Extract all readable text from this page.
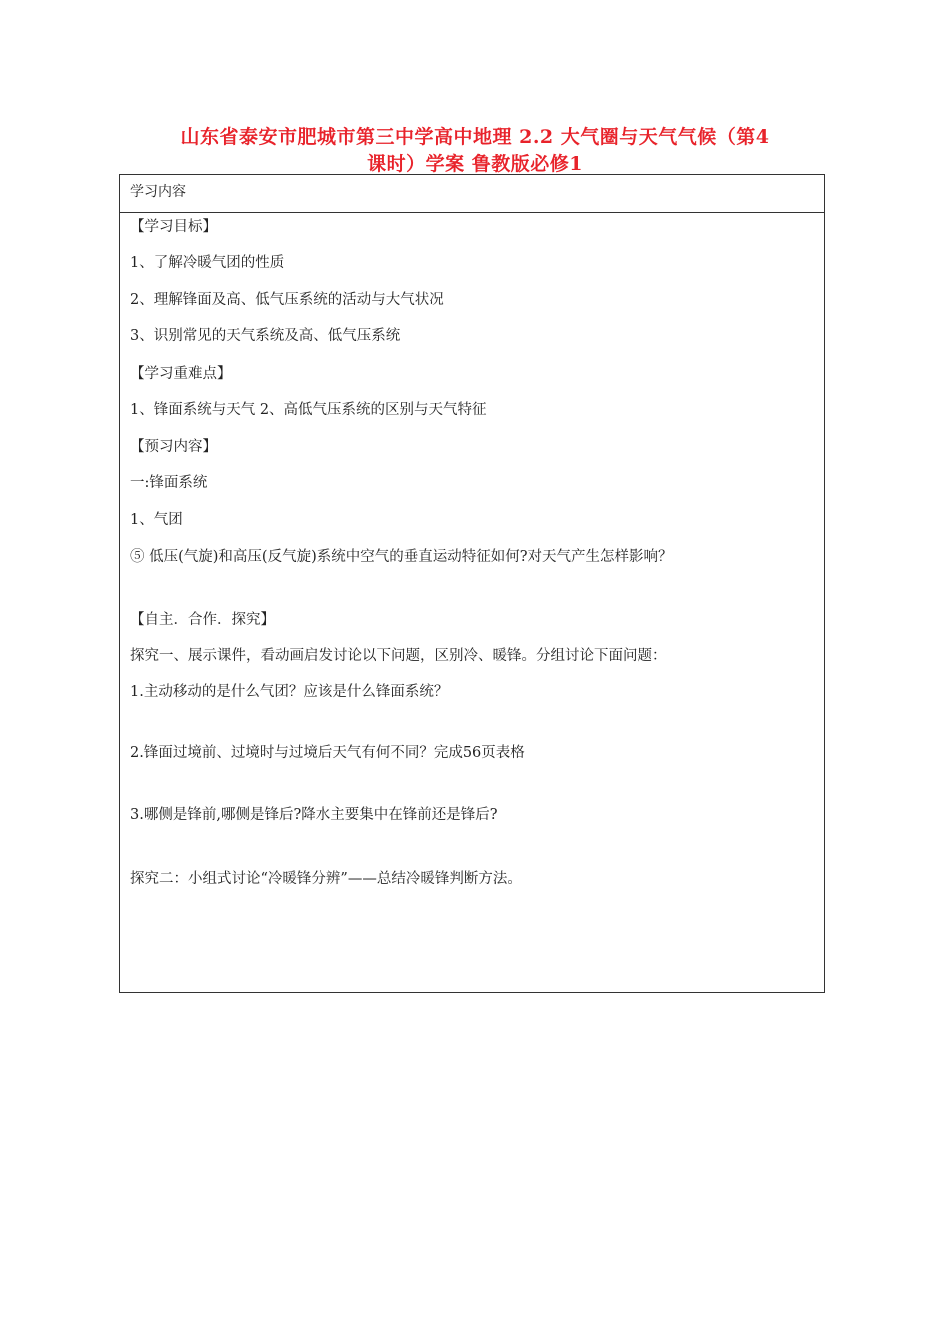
山东省泰安市肥城市第三中学高中地理 2.2 大气圈与天气气候（第4
课时）学案 鲁教版必修1
学习内容
【学习目标】
1、了解冷暖气团的性质
2、理解锋面及高、低气压系统的活动与大气状况
3、识别常见的天气系统及高、低气压系统
【学习重难点】
1、锋面系统与天气 2、高低气压系统的区别与天气特征
【预习内容】
一:锋面系统
1、气团
⑤ 低压(气旋)和高压(反气旋)系统中空气的垂直运动特征如何?对天气产生怎样影响？
【自主．合作．探究】
探究一、展示课件，看动画启发讨论以下问题，区别冷、暖锋。分组讨论下面问题：
1.主动移动的是什么气团？应该是什么锋面系统？
2.锋面过境前、过境时与过境后天气有何不同？完成56页表格
3.哪侧是锋前,哪侧是锋后?降水主要集中在锋前还是锋后?
探究二：小组式讨论“冷暖锋分辨”——总结冷暖锋判断方法。
